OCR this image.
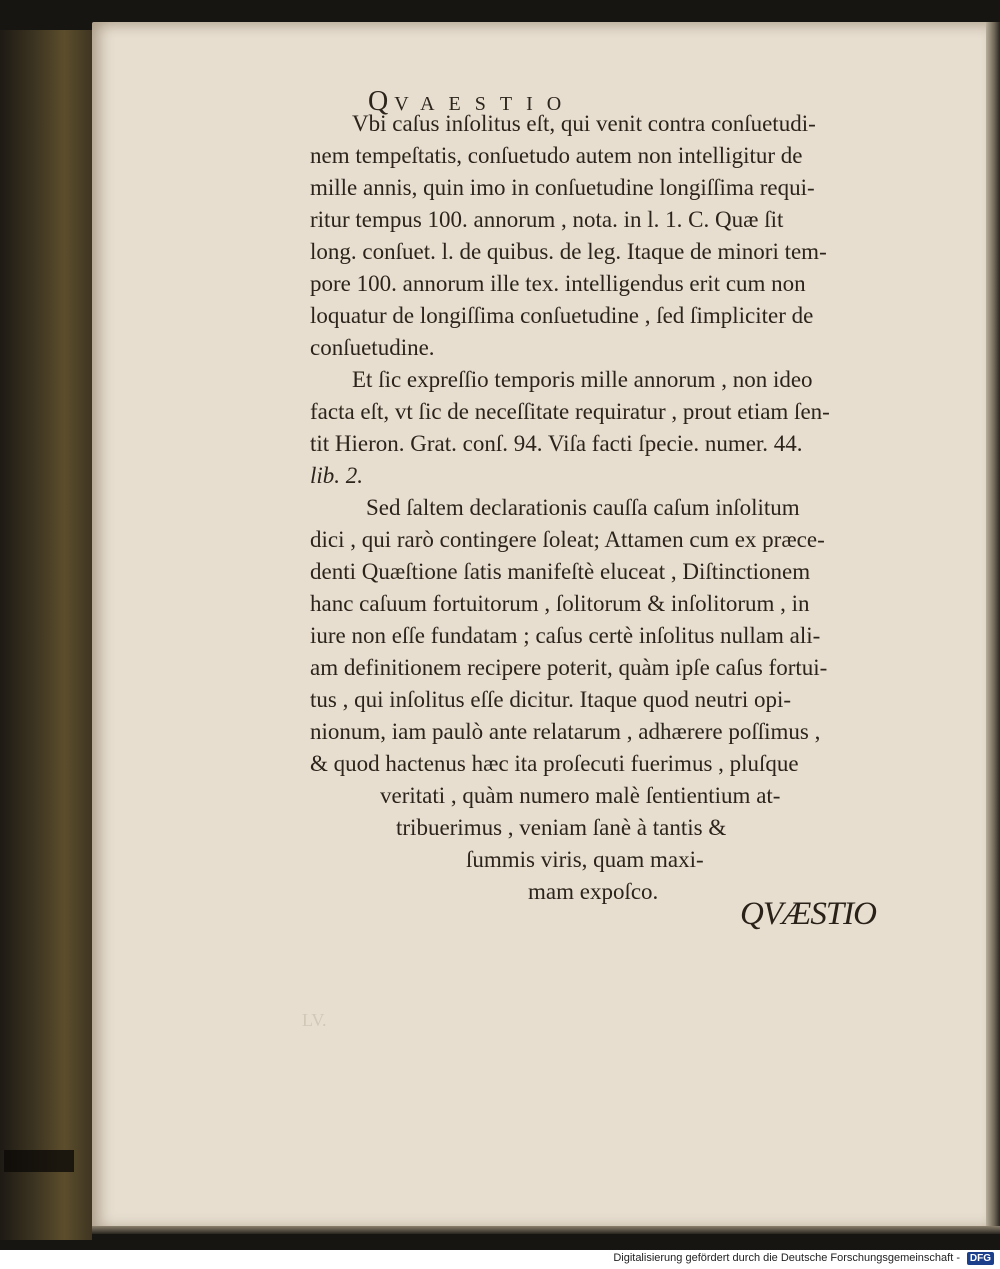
QVAESTIO
Vbi caſus inſolitus eſt, qui venit contra conſuetudi-
nem tempeſtatis, conſuetudo autem non intelligitur de
mille annis, quin imo in conſuetudine longiſſima requi-
ritur tempus 100. annorum , nota. in l. 1. C. Quæ ſit
long. conſuet. l. de quibus. de leg. Itaque de minori tem-
pore 100. annorum ille tex. intelligendus erit cum non
loquatur de longiſſima conſuetudine , ſed ſimpliciter de
conſuetudine.
Et ſic expreſſio temporis mille annorum , non ideo
facta eſt, vt ſic de neceſſitate requiratur , prout etiam ſen-
tit Hieron. Grat. conſ. 94. Viſa facti ſpecie. numer. 44.
lib. 2.
Sed ſaltem declarationis cauſſa caſum inſolitum
dici , qui rarò contingere ſoleat; Attamen cum ex præce-
denti Quæſtione ſatis manifeſtè eluceat , Diſtinctionem
hanc caſuum fortuitorum , ſolitorum & inſolitorum , in
iure non eſſe fundatam ; caſus certè inſolitus nullam ali-
am definitionem recipere poterit, quàm ipſe caſus fortui-
tus , qui inſolitus eſſe dicitur. Itaque quod neutri opi-
nionum, iam paulò ante relatarum , adhærere poſſimus ,
& quod hactenus hæc ita proſecuti fuerimus , pluſque
veritati , quàm numero malè ſentientium at-
tribuerimus , veniam ſanè à tantis &
ſummis viris, quam maxi-
mam expoſco.
LV.
QVÆSTIO
Digitalisierung gefördert durch die Deutsche Forschungsgemeinschaft - DFG
